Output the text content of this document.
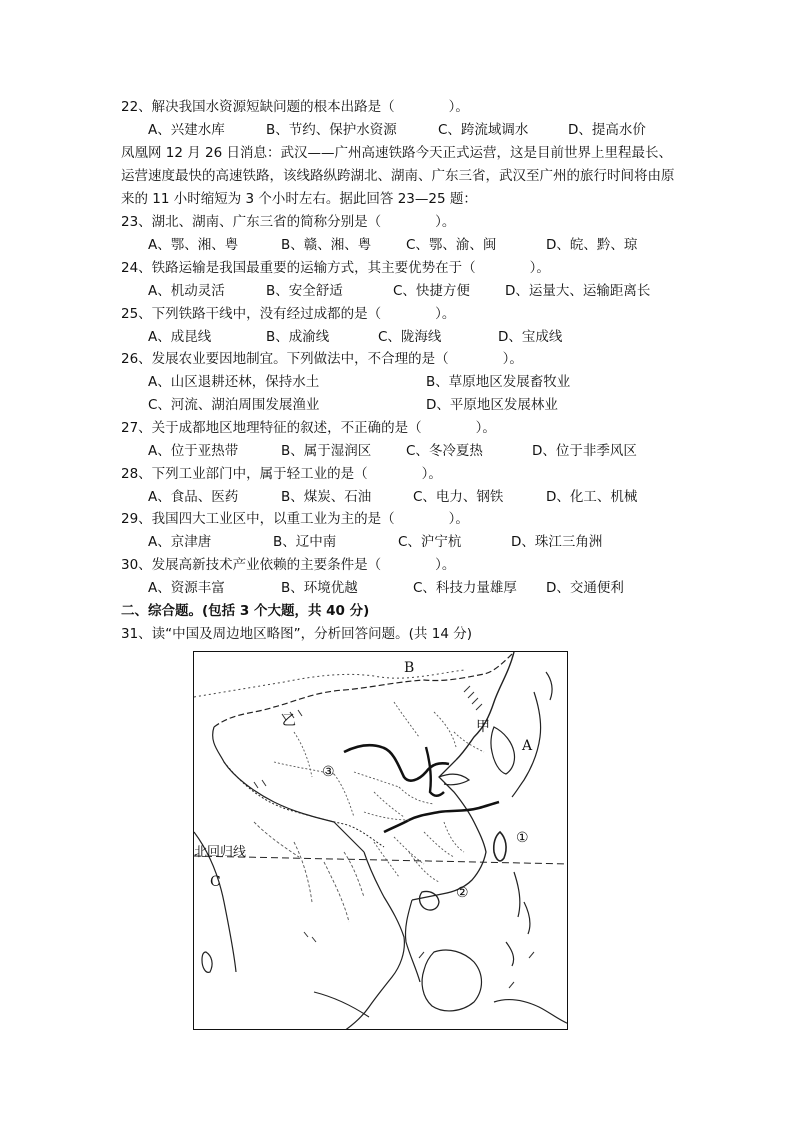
22、解决我国水资源短缺问题的根本出路是（　　　　）。
A、兴建水库	B、节约、保护水资源	C、跨流域调水	D、提高水价
凤凰网 12 月 26 日消息：武汉——广州高速铁路今天正式运营，这是目前世界上里程最长、运营速度最快的高速铁路，该线路纵跨湖北、湖南、广东三省，武汉至广州的旅行时间将由原来的 11 小时缩短为 3 个小时左右。据此回答 23—25 题：
23、湖北、湖南、广东三省的简称分别是（　　　　）。
A、鄂、湘、粤	B、赣、湘、粤	C、鄂、渝、闽	D、皖、黔、琼
24、铁路运输是我国最重要的运输方式，其主要优势在于（　　　　）。
A、机动灵活	B、安全舒适	C、快捷方便	D、运量大、运输距离长
25、下列铁路干线中，没有经过成都的是（　　　　）。
A、成昆线	B、成渝线	C、陇海线	D、宝成线
26、发展农业要因地制宜。下列做法中，不合理的是（　　　　）。
A、山区退耕还林，保持水土	B、草原地区发展畜牧业
C、河流、湖泊周围发展渔业	D、平原地区发展林业
27、关于成都地区地理特征的叙述，不正确的是（　　　　）。
A、位于亚热带	B、属于湿润区	C、冬冷夏热	D、位于非季风区
28、下列工业部门中，属于轻工业的是（　　　　）。
A、食品、医药	B、煤炭、石油	C、电力、钢铁	D、化工、机械
29、我国四大工业区中，以重工业为主的是（　　　　）。
A、京津唐	B、辽中南	C、沪宁杭	D、珠江三角洲
30、发展高新技术产业依赖的主要条件是（　　　　）。
A、资源丰富	B、环境优越	C、科技力量雄厚 D、交通便利
二、综合题。(包括 3 个大题，共 40 分)
31、读“中国及周边地区略图”，分析回答问题。(共 14 分)
B
乙	甲
A
③
①
②
北回归线
C
